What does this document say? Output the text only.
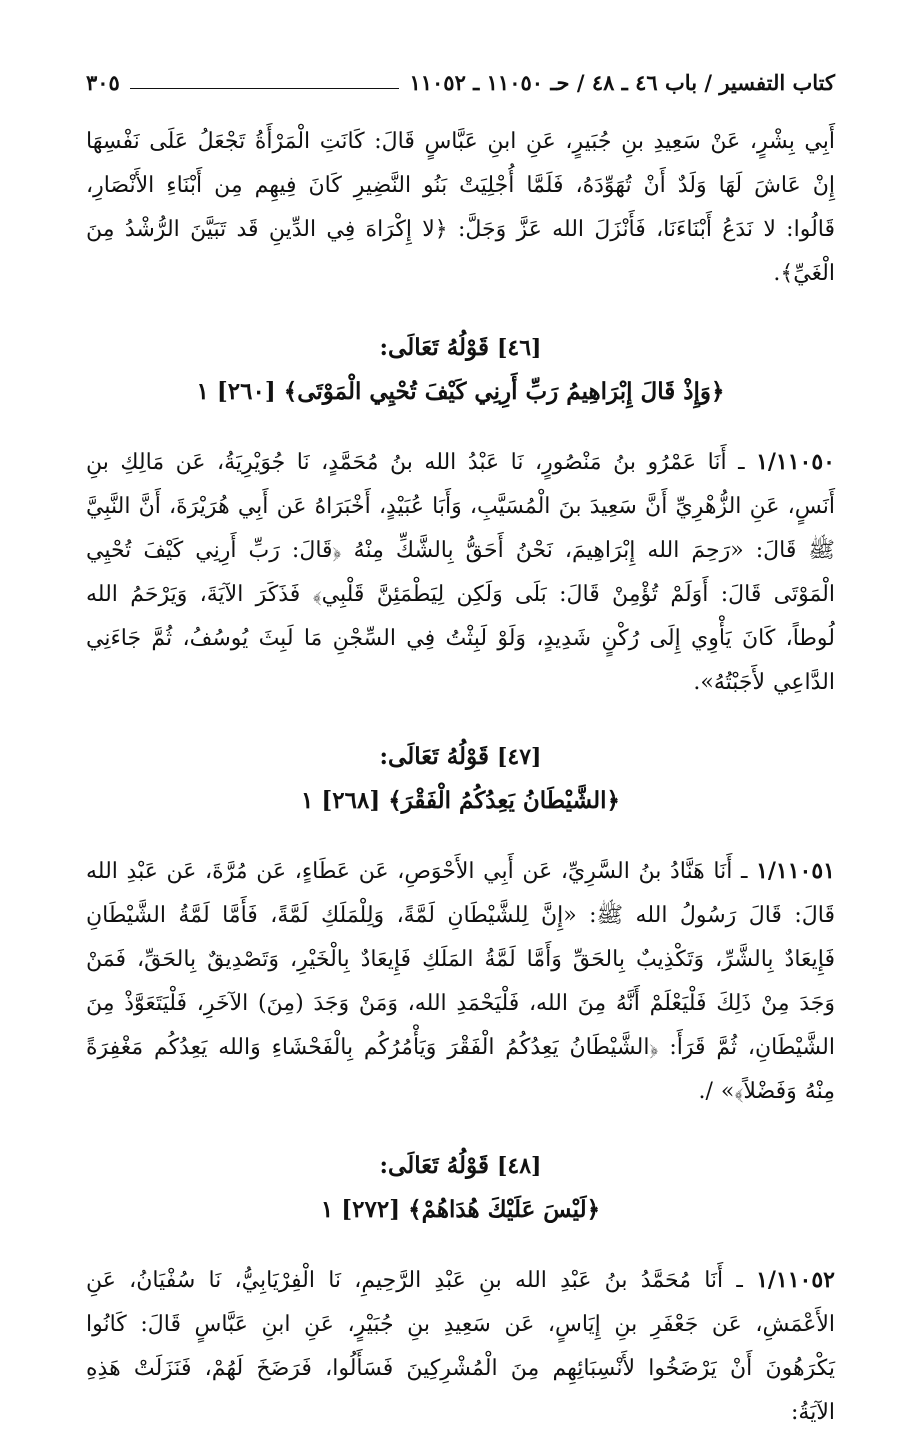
كتاب التفسير / باب ٤٦ ـ ٤٨ / حـ ١١٠٥٠ ـ ١١٠٥٢
٣٠٥

أَبِي بِشْرٍ، عَنْ سَعِيدِ بنِ جُبَيرٍ، عَنِ ابنِ عَبَّاسٍ قَالَ: كَانَتِ الْمَرْأَةُ تَجْعَلُ عَلَى نَفْسِهَا إِنْ عَاشَ لَهَا وَلَدٌ أَنْ تُهَوِّدَهُ، فَلَمَّا أُجْلِيَتْ بَنُو النَّضِيرِ كَانَ فِيهِم مِن أَبْنَاءِ الأَنْصَارِ، قَالُوا: لا نَدَعُ أَبْنَاءَنَا، فَأَنْزَلَ الله عَزَّ وَجَلَّ: ﴿لا إِكْرَاهَ فِي الدِّينِ قَد تَبَيَّنَ الرُّشْدُ مِنَ الْغَيِّ﴾.

[٤٦] قَوْلُهُ تَعَالَى:

﴿وَإِذْ قَالَ إِبْرَاهِيمُ رَبِّ أَرِنِي كَيْفَ تُحْيِي الْمَوْتَى﴾ [٢٦٠] ١

١/١١٠٥٠ ـ أَنَا عَمْرُو بنُ مَنْصُورٍ، نَا عَبْدُ الله بنُ مُحَمَّدٍ، نَا جُوَيْرِيَةُ، عَن مَالِكِ بنِ أَنَسٍ، عَنِ الزُّهْرِيِّ أَنَّ سَعِيدَ بنَ الْمُسَيَّبِ، وَأَبَا عُبَيْدٍ، أَخْبَرَاهُ عَن أَبِي هُرَيْرَةَ، أَنَّ النَّبِيَّ ﷺ قَالَ: «رَحِمَ الله إِبْرَاهِيمَ، نَحْنُ أَحَقُّ بِالشَّكِّ مِنْهُ ﴿قَالَ: رَبِّ أَرِنِي كَيْفَ تُحْيِي الْمَوْتَى قَالَ: أَوَلَمْ تُؤْمِنْ قَالَ: بَلَى وَلَكِن لِيَطْمَئِنَّ قَلْبِي﴾ فَذَكَرَ الآيَةَ، وَيَرْحَمُ الله لُوطاً، كَانَ يَأْوِي إِلَى رُكْنٍ شَدِيدٍ، وَلَوْ لَبِثْتُ فِي السِّجْنِ مَا لَبِثَ يُوسُفُ، ثُمَّ جَاءَنِي الدَّاعِي لأَجَبْتُهُ».

[٤٧] قَوْلُهُ تَعَالَى:

﴿الشَّيْطَانُ يَعِدُكُمُ الْفَقْرَ﴾ [٢٦٨] ١

١/١١٠٥١ ـ أَنَا هَنَّادُ بنُ السَّرِيِّ، عَن أَبِي الأَحْوَصِ، عَن عَطَاءٍ، عَن مُرَّةَ، عَن عَبْدِ الله قَالَ: قَالَ رَسُولُ الله ﷺ: «إِنَّ لِلشَّيْطَانِ لَمَّةً، وَلِلْمَلَكِ لَمَّةً، فَأَمَّا لَمَّةُ الشَّيْطَانِ فَإِيعَادٌ بِالشَّرِّ، وَتَكْذِيبٌ بِالحَقِّ وَأَمَّا لَمَّةُ المَلَكِ فَإِيعَادٌ بِالْخَيْرِ، وَتَصْدِيقٌ بِالحَقِّ، فَمَنْ وَجَدَ مِنْ ذَلِكَ فَلْيَعْلَمْ أَنَّهُ مِنَ الله، فَلْيَحْمَدِ الله، وَمَنْ وَجَدَ (مِنَ) الآخَرِ، فَلْيَتَعَوَّذْ مِنَ الشَّيْطَانِ، ثُمَّ قَرَأَ: ﴿الشَّيْطَانُ يَعِدُكُمُ الْفَقْرَ وَيَأْمُرُكُم بِالْفَحْشَاءِ وَالله يَعِدُكُم مَغْفِرَةً مِنْهُ وَفَضْلاً﴾» /.

[٤٨] قَوْلُهُ تَعَالَى:

﴿لَيْسَ عَلَيْكَ هُدَاهُمْ﴾ [٢٧٢] ١

١/١١٠٥٢ ـ أَنَا مُحَمَّدُ بنُ عَبْدِ الله بنِ عَبْدِ الرَّحِيمِ، نَا الْفِرْيَابِيُّ، نَا سُفْيَانُ، عَنِ الأَعْمَشِ، عَن جَعْفَرِ بنِ إِيَاسٍ، عَن سَعِيدِ بنِ جُبَيْرٍ، عَنِ ابنِ عَبَّاسٍ قَالَ: كَانُوا يَكْرَهُونَ أَنْ يَرْضَخُوا لأَنْسِبَائِهِم مِنَ الْمُشْرِكِينَ فَسَأَلُوا، فَرَضَخَ لَهُمْ، فَنَزَلَتْ هَذِهِ الآيَةُ:
